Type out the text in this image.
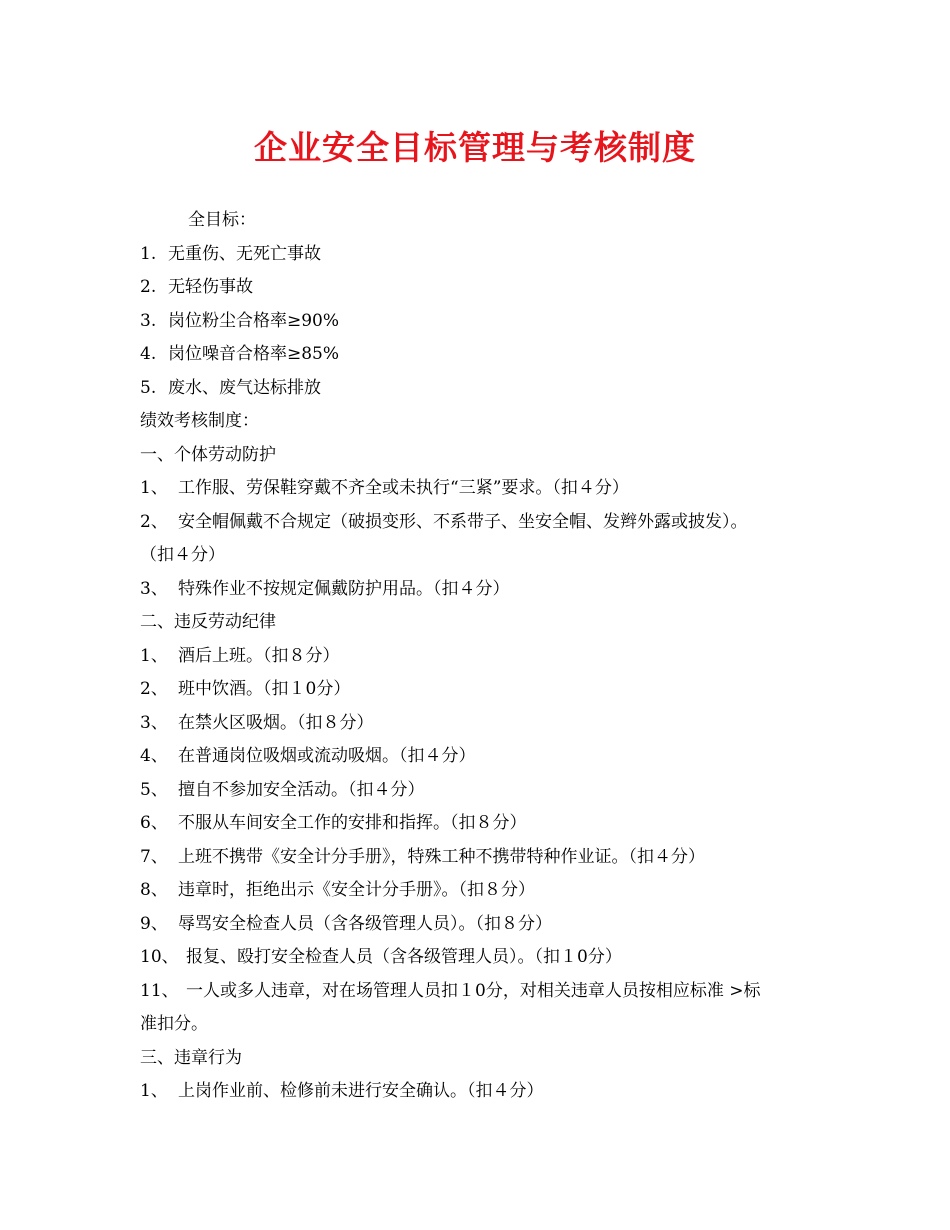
企业安全目标管理与考核制度
全目标：
1. 无重伤、无死亡事故
2. 无轻伤事故
3. 岗位粉尘合格率≥90%
4. 岗位噪音合格率≥85%
5. 废水、废气达标排放
绩效考核制度：
一、个体劳动防护
1、 工作服、劳保鞋穿戴不齐全或未执行“三紧”要求。（扣４分）
2、 安全帽佩戴不合规定（破损变形、不系带子、坐安全帽、发辫外露或披发）。
（扣４分）
3、 特殊作业不按规定佩戴防护用品。（扣４分）
二、违反劳动纪律
1、 酒后上班。（扣８分）
2、 班中饮酒。（扣１0分）
3、 在禁火区吸烟。（扣８分）
4、 在普通岗位吸烟或流动吸烟。（扣４分）
5、 擅自不参加安全活动。（扣４分）
6、 不服从车间安全工作的安排和指挥。（扣８分）
7、 上班不携带《安全计分手册》，特殊工种不携带特种作业证。（扣４分）
8、 违章时，拒绝出示《安全计分手册》。（扣８分）
9、 辱骂安全检查人员（含各级管理人员）。（扣８分）
10、 报复、殴打安全检查人员（含各级管理人员）。（扣１0分）
11、 一人或多人违章，对在场管理人员扣１0分，对相关违章人员按相应标准 >标
准扣分。
三、违章行为
1、 上岗作业前、检修前未进行安全确认。（扣４分）
